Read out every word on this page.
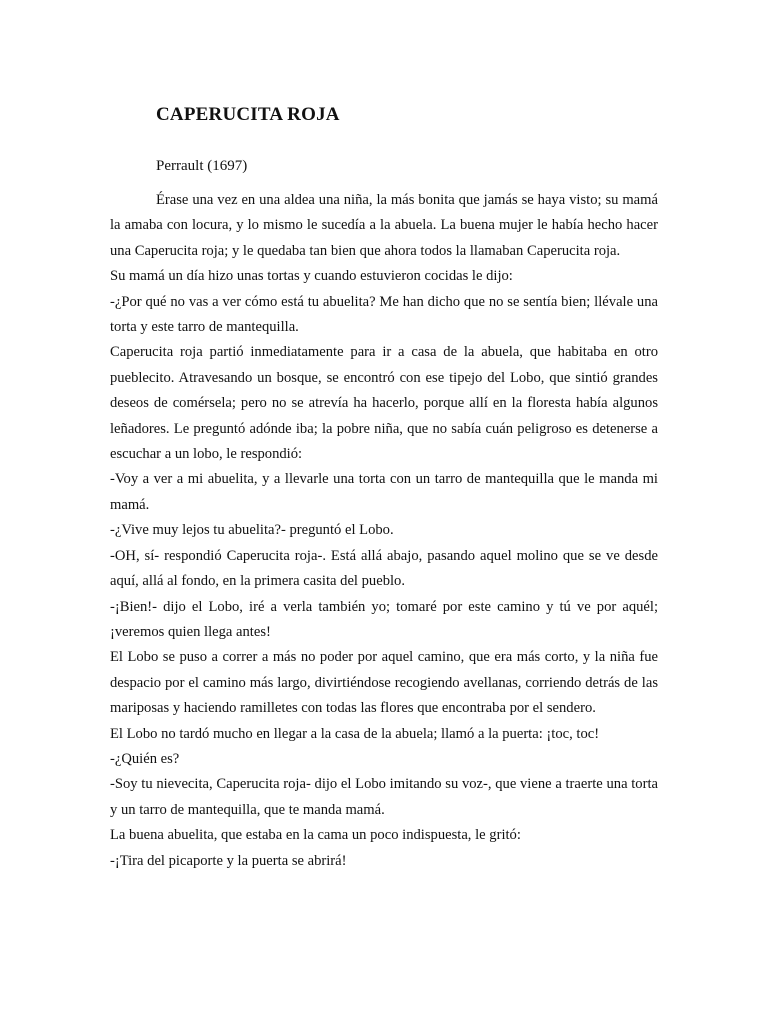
CAPERUCITA ROJA
Perrault (1697)

Érase una vez en una aldea una niña, la más bonita que jamás se haya visto; su mamá la amaba con locura, y lo mismo le sucedía a la abuela. La buena mujer le había hecho hacer una Caperucita roja; y le quedaba tan bien que ahora todos la llamaban Caperucita roja.

Su mamá un día hizo unas tortas y cuando estuvieron cocidas le dijo:

-¿Por qué no vas a ver cómo está tu abuelita? Me han dicho que no se sentía bien; llévale una torta y este tarro de mantequilla.

Caperucita roja partió inmediatamente para ir a casa de la abuela, que habitaba en otro pueblecito. Atravesando un bosque, se encontró con ese tipejo del Lobo, que sintió grandes deseos de comérsela; pero no se atrevía ha hacerlo, porque allí en la floresta había algunos leñadores. Le preguntó adónde iba; la pobre niña, que no sabía cuán peligroso es detenerse a escuchar a un lobo, le respondió:

-Voy a ver a mi abuelita, y a llevarle una torta con un tarro de mantequilla que le manda mi mamá.

-¿Vive muy lejos tu abuelita?- preguntó el Lobo.

-OH, sí- respondió Caperucita roja-. Está allá abajo, pasando aquel molino que se ve desde aquí, allá al fondo, en la primera casita del pueblo.

-¡Bien!- dijo el Lobo, iré a verla también yo; tomaré por este camino y tú ve por aquél; ¡veremos quien llega antes!

El Lobo se puso a correr a más no poder por aquel camino, que era más corto, y la niña fue despacio por el camino más largo, divirtiéndose recogiendo avellanas, corriendo detrás de las mariposas y haciendo ramilletes con todas las flores que encontraba por el sendero.

El Lobo no tardó mucho en llegar a la casa de la abuela; llamó a la puerta: ¡toc, toc!

-¿Quién es?

-Soy tu nievecita, Caperucita roja- dijo el Lobo imitando su voz-, que viene a traerte una torta y un tarro de mantequilla, que te manda mamá.

La buena abuelita, que estaba en la cama un poco indispuesta, le gritó:

-¡Tira del picaporte y la puerta se abrirá!
